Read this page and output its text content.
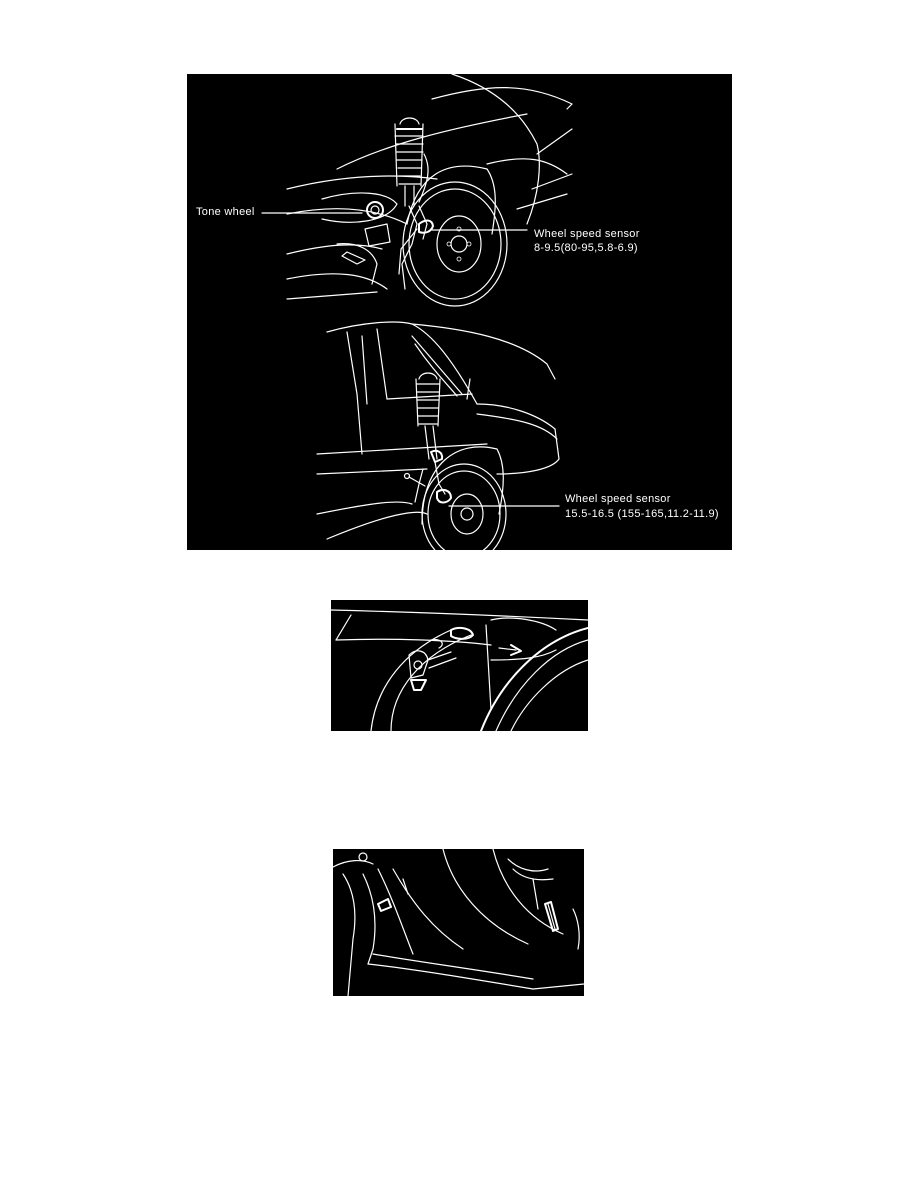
Tone wheel
Wheel speed sensor
8-9.5(80-95,5.8-6.9)
Wheel speed sensor
15.5-16.5 (155-165,11.2-11.9)
